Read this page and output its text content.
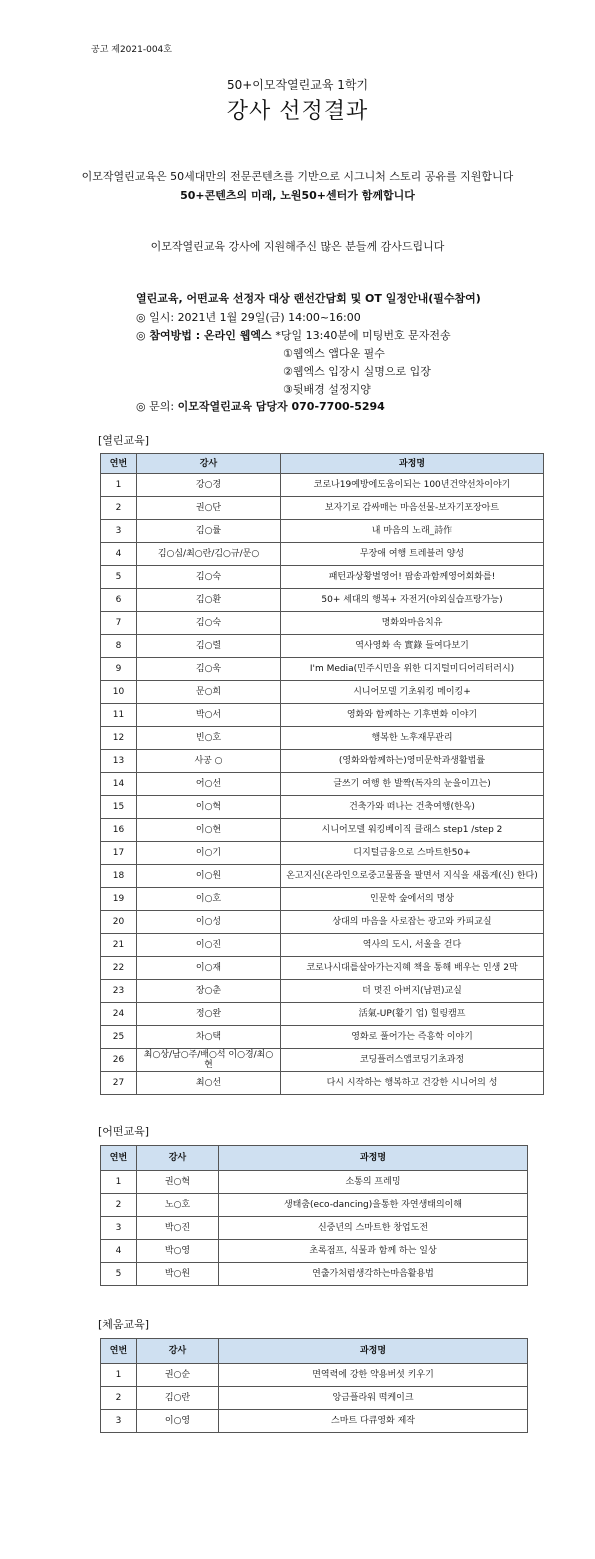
공고 제2021-004호
50+이모작열린교육 1학기
강사 선정결과
이모작열린교육은 50세대만의 전문콘텐츠를 기반으로 시그니처 스토리 공유를 지원합니다
50+콘텐츠의 미래, 노원50+센터가 함께합니다
이모작열린교육 강사에 지원해주신 많은 분들께 감사드립니다
열린교육, 어떤교육 선정자 대상 랜선간담회 및 OT 일정안내(필수참여)
◎ 일시: 2021년 1월 29일(금) 14:00~16:00
◎ 참여방법 : 온라인 웹엑스 *당일 13:40분에 미팅번호 문자전송
①웹엑스 앱다운 필수
②웹엑스 입장시 실명으로 입장
③뒷배경 설정지양
◎ 문의: 이모작열린교육 담당자 070-7700-5294
[열린교육]
연번	강사	과정명
1	강○경	코로나19예방에도움이되는 100년건약선차이야기
2	권○단	보자기로 감싸매는 마음선물-보자기포장아트
3	김○률	내 마음의 노래_詩作
4	김○심/최○란/김○규/문○	무장애 여행 트레블러 양성
5	김○숙	패턴과상황별영어! 팝송과함께영어회화를!
6	김○환	50+ 세대의 행복+ 자전거(야외실습프랑가능)
7	김○숙	명화와마음치유
8	김○렬	역사영화 속 實錄 들여다보기
9	김○욱	I'm Media(민주시민을 위한 디지털미디어리터러시)
10	문○희	시니어모델 기초워킹 메이킹+
11	박○서	영화와 함께하는 기후변화 이야기
12	빈○호	행복한 노후재무관리
13	사공 ○	(영화와함께하는)영미문학과생활법률
14	어○선	글쓰기 여행 한 발짝(독자의 눈을이끄는)
15	이○혁	건축가와 떠나는 건축여행(한옥)
16	이○현	시니어모델 워킹베이직 클래스 step1 /step 2
17	이○기	디지털금융으로 스마트한50+
18	이○원	온고지신(온라인으로중고물품을 팔면서 지식을 새롭게(신) 한다)
19	이○호	인문학 숲에서의 명상
20	이○성	상대의 마음을 사로잡는 광고와 카피교실
21	이○진	역사의 도시, 서울을 걷다
22	이○재	코로나시대를살아가는지혜 책을 통해 배우는 인생 2막
23	장○춘	더 멋진 아버지(남편)교실
24	정○완	活氣-UP(활기 업) 힐링캠프
25	차○택	영화로 풀어가는 즉흥학 이야기
26	최○상/남○주/배○석 이○경/최○현	코딩플러스앱코딩기초과정
27	최○선	다시 시작하는 행복하고 건강한 시니어의 성
[어떤교육]
연번	강사	과정명
1	권○혁	소통의 프레밍
2	노○호	생태춤(eco-dancing)을통한 자연생태의이해
3	박○진	신중년의 스마트한 창업도전
4	박○영	초록점프, 식물과 함께 하는 일상
5	박○원	연출가처럼생각하는마음활용법
[체움교육]
연번	강사	과정명
1	권○순	면역력에 강한 약용버섯 키우기
2	김○란	앙금플라워 떡케이크
3	이○영	스마트 다큐영화 제작
